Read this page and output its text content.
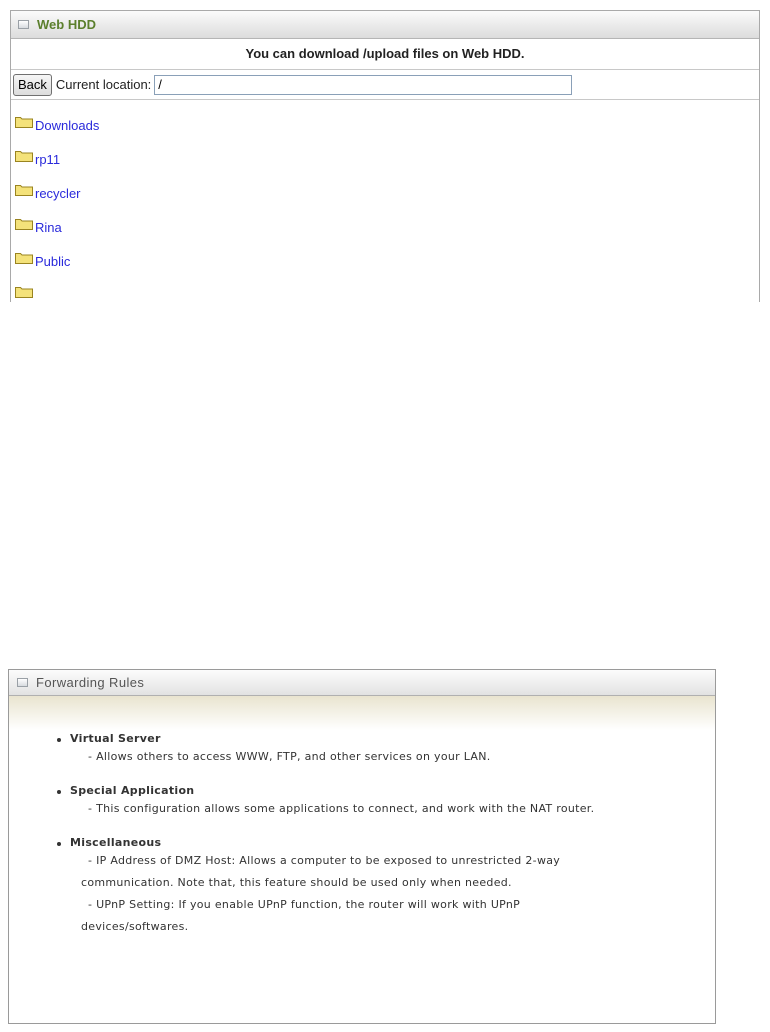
Web HDD
You can download /upload files on Web HDD.
Back Current location:
/
Downloads
rp11
recycler
Rina
Public
Forwarding Rules
Virtual Server
- Allows others to access WWW, FTP, and other services on your LAN.
Special Application
- This configuration allows some applications to connect, and work with the NAT router.
Miscellaneous
- IP Address of DMZ Host: Allows a computer to be exposed to unrestricted 2-way
communication. Note that, this feature should be used only when needed.
- UPnP Setting: If you enable UPnP function, the router will work with UPnP
devices/softwares.
